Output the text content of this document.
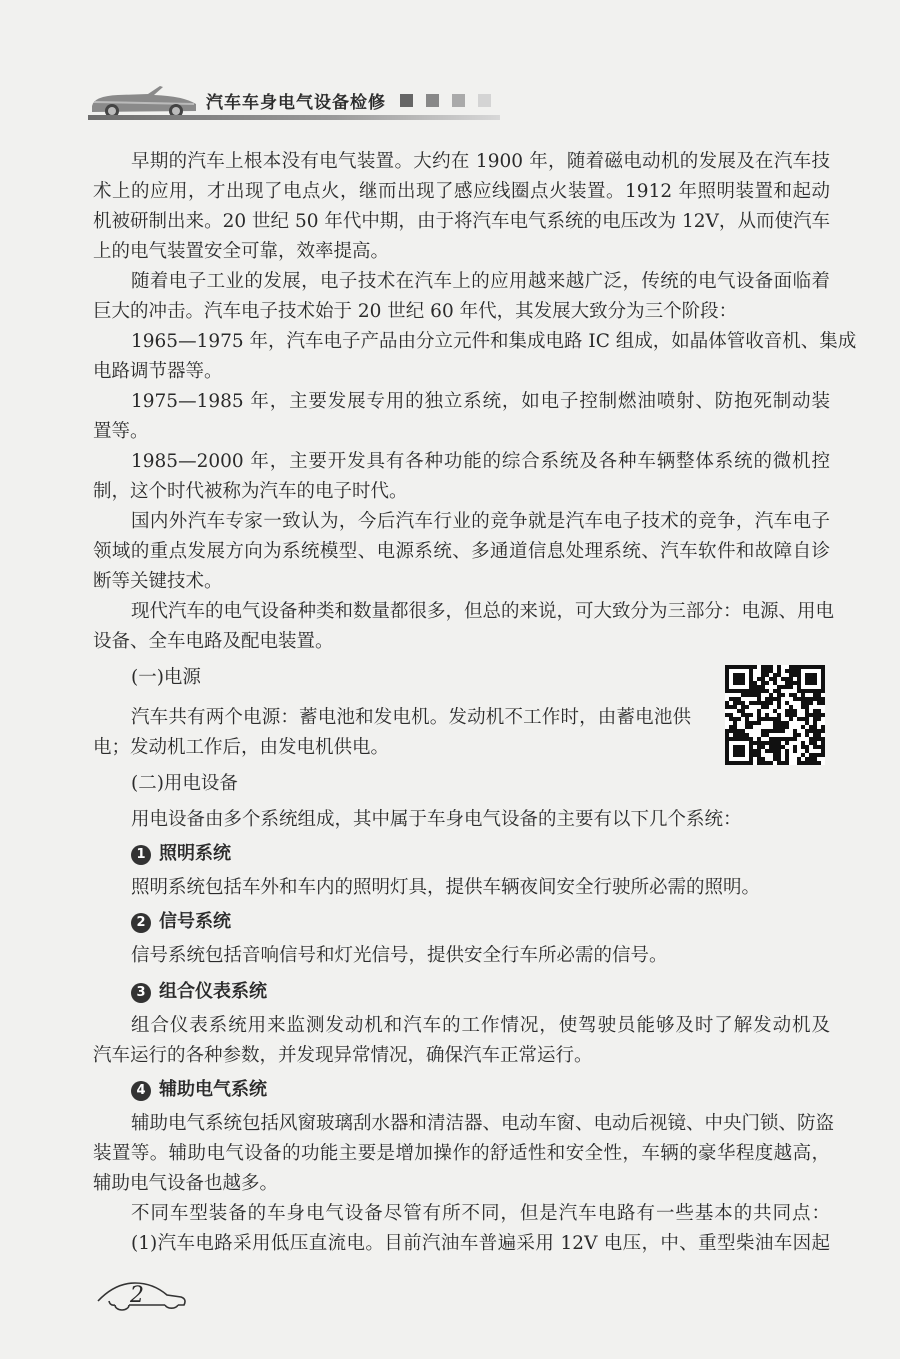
汽车车身电气设备检修
早期的汽车上根本没有电气装置。大约在 1900 年，随着磁电动机的发展及在汽车技
术上的应用，才出现了电点火，继而出现了感应线圈点火装置。1912 年照明装置和起动
机被研制出来。20 世纪 50 年代中期，由于将汽车电气系统的电压改为 12V，从而使汽车
上的电气装置安全可靠，效率提高。
随着电子工业的发展，电子技术在汽车上的应用越来越广泛，传统的电气设备面临着
巨大的冲击。汽车电子技术始于 20 世纪 60 年代，其发展大致分为三个阶段：
1965—1975 年，汽车电子产品由分立元件和集成电路 IC 组成，如晶体管收音机、集成
电路调节器等。
1975—1985 年，主要发展专用的独立系统，如电子控制燃油喷射、防抱死制动装
置等。
1985—2000 年，主要开发具有各种功能的综合系统及各种车辆整体系统的微机控
制，这个时代被称为汽车的电子时代。
国内外汽车专家一致认为，今后汽车行业的竞争就是汽车电子技术的竞争，汽车电子
领域的重点发展方向为系统模型、电源系统、多通道信息处理系统、汽车软件和故障自诊
断等关键技术。
现代汽车的电气设备种类和数量都很多，但总的来说，可大致分为三部分：电源、用电
设备、全车电路及配电装置。
(一)电源
汽车共有两个电源：蓄电池和发电机。发动机不工作时，由蓄电池供
电；发动机工作后，由发电机供电。
(二)用电设备
用电设备由多个系统组成，其中属于车身电气设备的主要有以下几个系统：
1 照明系统
照明系统包括车外和车内的照明灯具，提供车辆夜间安全行驶所必需的照明。
2 信号系统
信号系统包括音响信号和灯光信号，提供安全行车所必需的信号。
3 组合仪表系统
组合仪表系统用来监测发动机和汽车的工作情况，使驾驶员能够及时了解发动机及
汽车运行的各种参数，并发现异常情况，确保汽车正常运行。
4 辅助电气系统
辅助电气系统包括风窗玻璃刮水器和清洁器、电动车窗、电动后视镜、中央门锁、防盗
装置等。辅助电气设备的功能主要是增加操作的舒适性和安全性，车辆的豪华程度越高，
辅助电气设备也越多。
不同车型装备的车身电气设备尽管有所不同，但是汽车电路有一些基本的共同点：
(1)汽车电路采用低压直流电。目前汽油车普遍采用 12V 电压，中、重型柴油车因起
2
